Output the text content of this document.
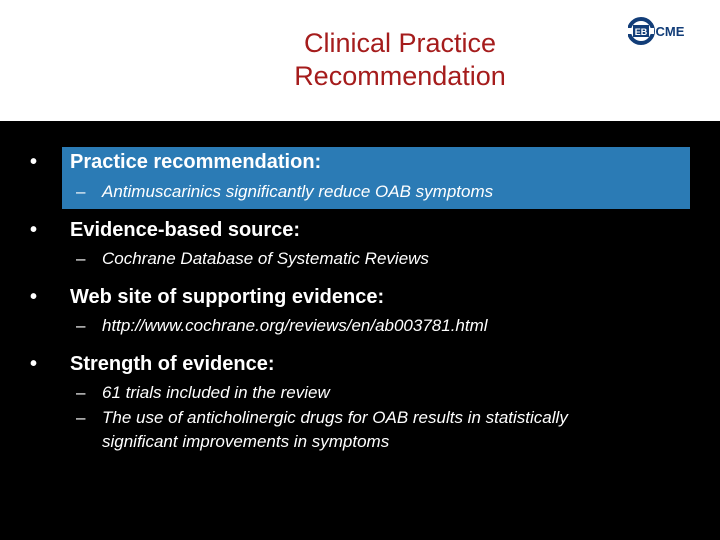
Clinical Practice
Recommendation
EB CME
• Practice recommendation:
– Antimuscarinics significantly reduce OAB symptoms
• Evidence-based source:
– Cochrane Database of Systematic Reviews
• Web site of supporting evidence:
– http://www.cochrane.org/reviews/en/ab003781.html
• Strength of evidence:
– 61 trials included in the review
– The use of anticholinergic drugs for OAB results in statistically
significant improvements in symptoms
